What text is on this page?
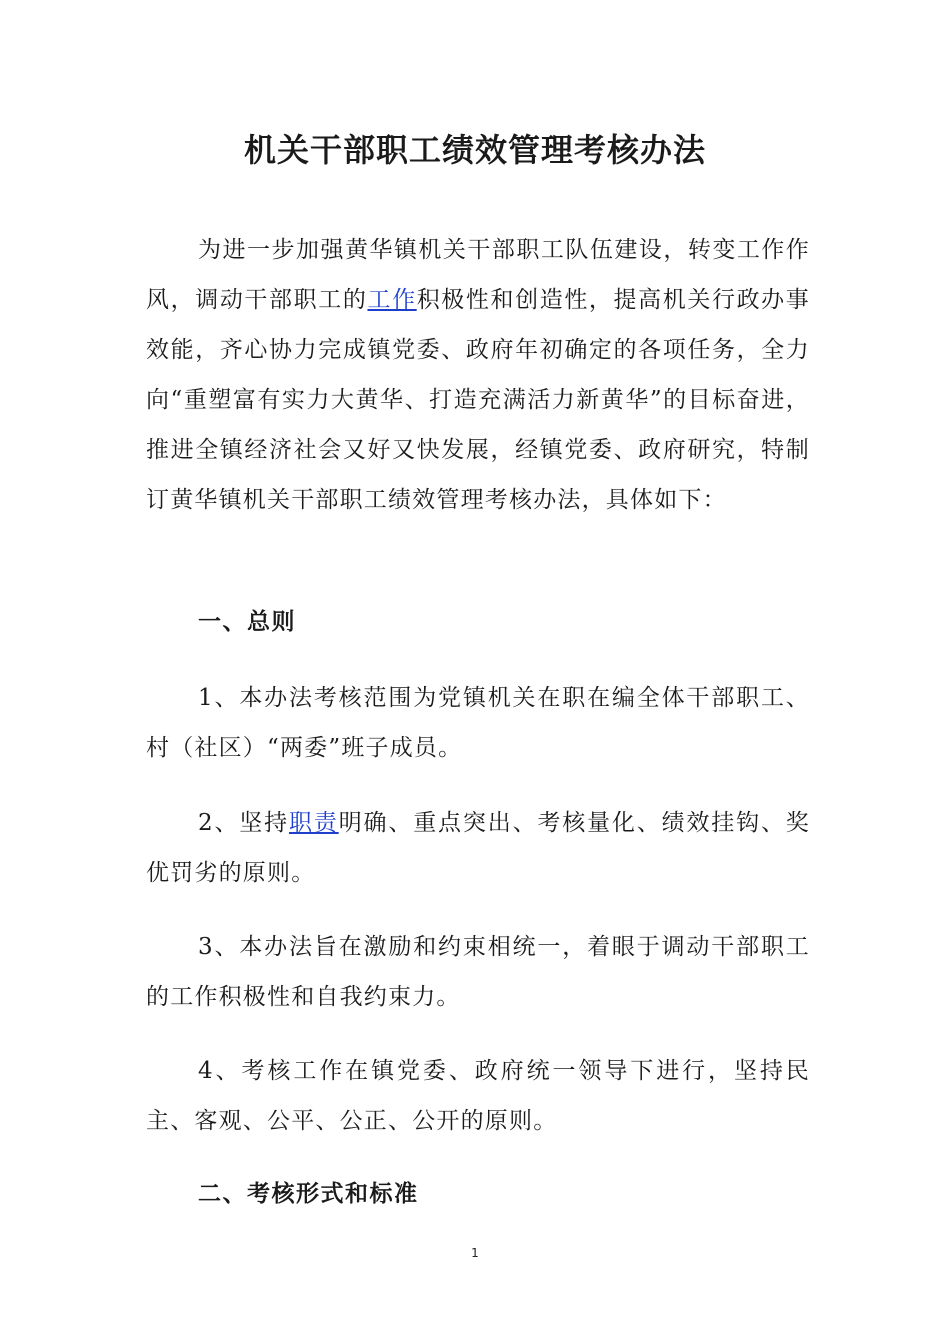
机关干部职工绩效管理考核办法

为进一步加强黄华镇机关干部职工队伍建设，转变工作作风，调动干部职工的工作积极性和创造性，提高机关行政办事效能，齐心协力完成镇党委、政府年初确定的各项任务，全力向“重塑富有实力大黄华、打造充满活力新黄华”的目标奋进，推进全镇经济社会又好又快发展，经镇党委、政府研究，特制订黄华镇机关干部职工绩效管理考核办法，具体如下：

一、总则

1、本办法考核范围为党镇机关在职在编全体干部职工、村（社区）“两委”班子成员。

2、坚持职责明确、重点突出、考核量化、绩效挂钩、奖优罚劣的原则。

3、本办法旨在激励和约束相统一，着眼于调动干部职工的工作积极性和自我约束力。

4、考核工作在镇党委、政府统一领导下进行，坚持民主、客观、公平、公正、公开的原则。

二、考核形式和标准
1
